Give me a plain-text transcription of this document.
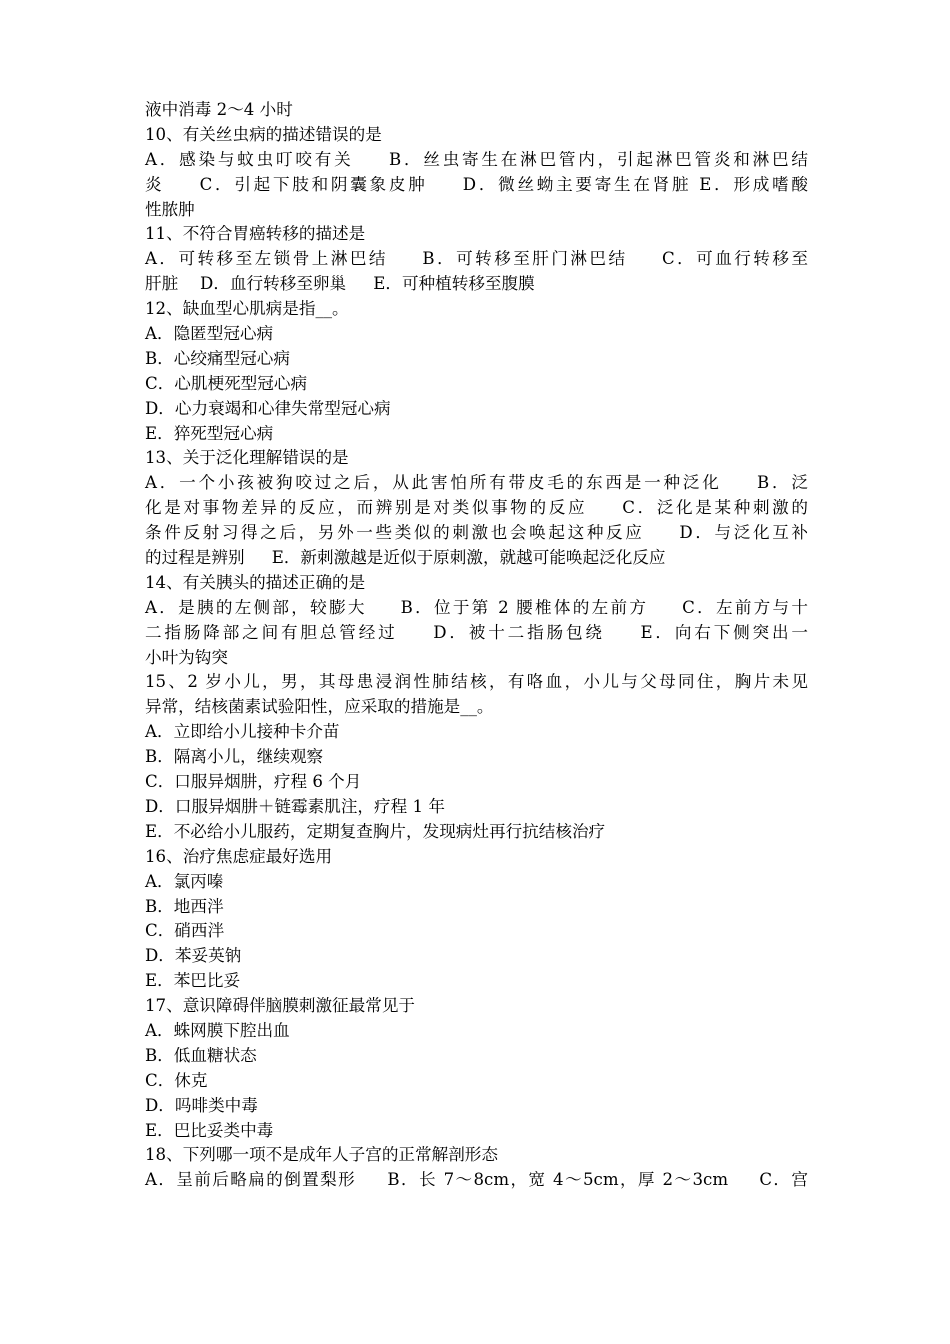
液中消毒 2～4 小时
10、有关丝虫病的描述错误的是
A．感染与蚊虫叮咬有关 　 B．丝虫寄生在淋巴管内，引起淋巴管炎和淋巴结
炎 　 C．引起下肢和阴囊象皮肿 　 D．微丝蚴主要寄生在肾脏 E．形成嗜酸
性脓肿
11、不符合胃癌转移的描述是
A．可转移至左锁骨上淋巴结 　 B．可转移至肝门淋巴结 　 C．可血行转移至
肝脏　 D．血行转移至卵巢 　 E．可种植转移至腹膜
12、缺血型心肌病是指__。
A．隐匿型冠心病
B．心绞痛型冠心病
C．心肌梗死型冠心病
D．心力衰竭和心律失常型冠心病
E．猝死型冠心病
13、关于泛化理解错误的是
A．一个小孩被狗咬过之后，从此害怕所有带皮毛的东西是一种泛化 　 B．泛
化是对事物差异的反应，而辨别是对类似事物的反应 　 C．泛化是某种刺激的
条件反射习得之后，另外一些类似的刺激也会唤起这种反应 　 D．与泛化互补
的过程是辨别 　 E．新刺激越是近似于原刺激，就越可能唤起泛化反应
14、有关胰头的描述正确的是
A．是胰的左侧部，较膨大 　 B．位于第 2 腰椎体的左前方 　 C．左前方与十
二指肠降部之间有胆总管经过 　 D．被十二指肠包绕 　 E．向右下侧突出一
小叶为钩突
15、2 岁小儿，男，其母患浸润性肺结核，有咯血，小儿与父母同住，胸片未见
异常，结核菌素试验阳性，应采取的措施是__。
A．立即给小儿接种卡介苗
B．隔离小儿，继续观察
C．口服异烟肼，疗程 6 个月
D．口服异烟肼＋链霉素肌注，疗程 1 年
E．不必给小儿服药，定期复查胸片，发现病灶再行抗结核治疗
16、治疗焦虑症最好选用
A．氯丙嗪
B．地西泮
C．硝西泮
D．苯妥英钠
E．苯巴比妥
17、意识障碍伴脑膜刺激征最常见于
A．蛛网膜下腔出血
B．低血糖状态
C．休克
D．吗啡类中毒
E．巴比妥类中毒
18、下列哪一项不是成年人子宫的正常解剖形态
A．呈前后略扁的倒置梨形 　 B．长 7～8cm，宽 4～5cm，厚 2～3cm 　 C．宫
